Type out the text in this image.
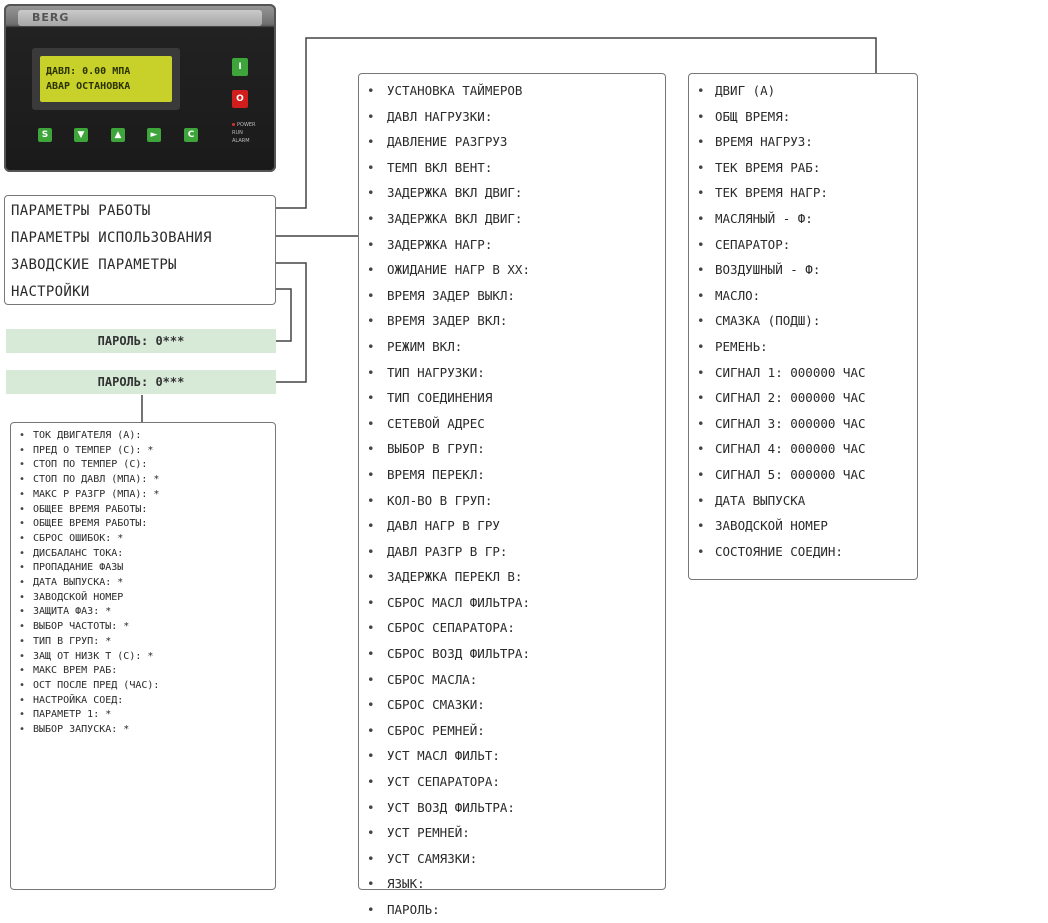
BERG
ДАВЛ: 0.00 МПА
АВАР ОСТАНОВКА
I
O
S	▼	▲	►	C
POWER
RUN
ALARM
ПАРАМЕТРЫ РАБОТЫ
ПАРАМЕТРЫ ИСПОЛЬЗОВАНИЯ
ЗАВОДСКИЕ ПАРАМЕТРЫ
НАСТРОЙКИ
ПАРОЛЬ: 0***
ПАРОЛЬ: 0***
• ТОК ДВИГАТЕЛЯ (А):
• ПРЕД О ТЕМПЕР (С): *
• СТОП ПО ТЕМПЕР (С):
• СТОП ПО ДАВЛ (МПА): *
• МАКС Р РАЗГР (МПА): *
• ОБЩЕЕ ВРЕМЯ РАБОТЫ:
• ОБЩЕЕ ВРЕМЯ РАБОТЫ:
• СБРОС ОШИБОК: *
• ДИСБАЛАНС ТОКА:
• ПРОПАДАНИЕ ФАЗЫ
• ДАТА ВЫПУСКА: *
• ЗАВОДСКОЙ НОМЕР
• ЗАЩИТА ФАЗ: *
• ВЫБОР ЧАСТОТЫ: *
• ТИП В ГРУП: *
• ЗАЩ ОТ НИЗК Т (С): *
• МАКС ВРЕМ РАБ:
• ОСТ ПОСЛЕ ПРЕД (ЧАС):
• НАСТРОЙКА СОЕД:
• ПАРАМЕТР 1: *
• ВЫБОР ЗАПУСКА: *
• УСТАНОВКА ТАЙМЕРОВ
• ДАВЛ НАГРУЗКИ:
• ДАВЛЕНИЕ РАЗГРУЗ
• ТЕМП ВКЛ ВЕНТ:
• ЗАДЕРЖКА ВКЛ ДВИГ:
• ЗАДЕРЖКА ВКЛ ДВИГ:
• ЗАДЕРЖКА НАГР:
• ОЖИДАНИЕ НАГР В ХХ:
• ВРЕМЯ ЗАДЕР ВЫКЛ:
• ВРЕМЯ ЗАДЕР ВКЛ:
• РЕЖИМ ВКЛ:
• ТИП НАГРУЗКИ:
• ТИП СОЕДИНЕНИЯ
• СЕТЕВОЙ АДРЕС
• ВЫБОР В ГРУП:
• ВРЕМЯ ПЕРЕКЛ:
• КОЛ-ВО В ГРУП:
• ДАВЛ НАГР В ГРУ
• ДАВЛ РАЗГР В ГР:
• ЗАДЕРЖКА ПЕРЕКЛ В:
• СБРОС МАСЛ ФИЛЬТРА:
• СБРОС СЕПАРАТОРА:
• СБРОС ВОЗД ФИЛЬТРА:
• СБРОС МАСЛА:
• СБРОС СМАЗКИ:
• СБРОС РЕМНЕЙ:
• УСТ МАСЛ ФИЛЬТ:
• УСТ СЕПАРАТОРА:
• УСТ ВОЗД ФИЛЬТРА:
• УСТ РЕМНЕЙ:
• УСТ САМЯЗКИ:
• ЯЗЫК:
• ПАРОЛЬ:
• ДВИГ (А)
• ОБЩ ВРЕМЯ:
• ВРЕМЯ НАГРУЗ:
• ТЕК ВРЕМЯ РАБ:
• ТЕК ВРЕМЯ НАГР:
• МАСЛЯНЫЙ - Ф:
• СЕПАРАТОР:
• ВОЗДУШНЫЙ - Ф:
• МАСЛО:
• СМАЗКА (ПОДШ):
• РЕМЕНЬ:
• СИГНАЛ 1: 000000 ЧАС
• СИГНАЛ 2: 000000 ЧАС
• СИГНАЛ 3: 000000 ЧАС
• СИГНАЛ 4: 000000 ЧАС
• СИГНАЛ 5: 000000 ЧАС
• ДАТА ВЫПУСКА
• ЗАВОДСКОЙ НОМЕР
• СОСТОЯНИЕ СОЕДИН:
